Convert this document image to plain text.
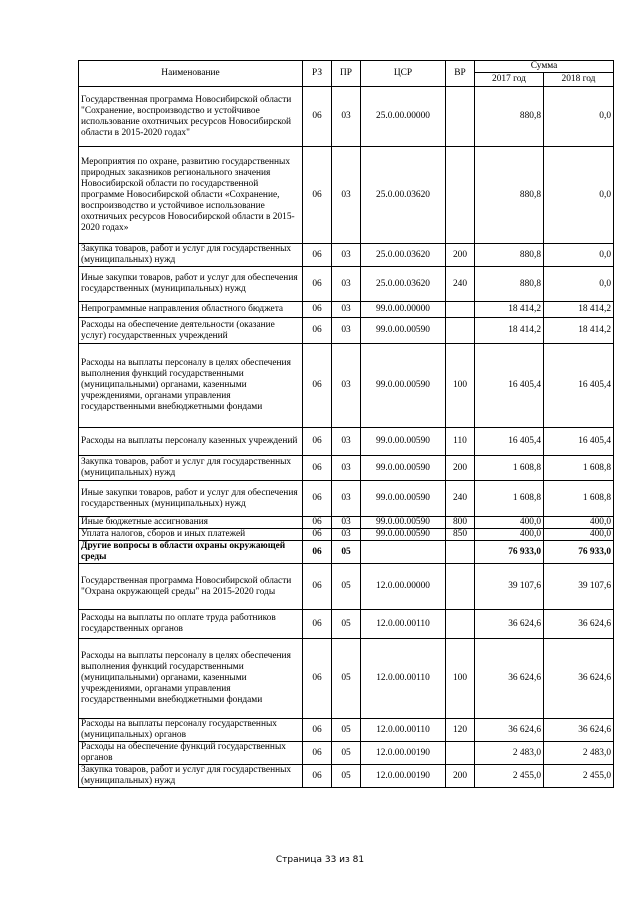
Наименование	РЗ	ПР	ЦСР	ВР	Сумма	
					2017 год	2018 год
Государственная программа Новосибирской области "Сохранение, воспроизводство и устойчивое использование охотничьих ресурсов Новосибирской области в 2015-2020 годах"	06	03	25.0.00.00000		880,8	0,0
Мероприятия по охране, развитию государственных природных заказников регионального значения Новосибирской области по государственной программе Новосибирской области «Сохранение, воспроизводство и устойчивое использование охотничьих ресурсов Новосибирской области в 2015-2020 годах»	06	03	25.0.00.03620		880,8	0,0
Закупка товаров, работ и услуг для государственных (муниципальных) нужд	06	03	25.0.00.03620	200	880,8	0,0
Иные закупки товаров, работ и услуг для обеспечения государственных (муниципальных) нужд	06	03	25.0.00.03620	240	880,8	0,0
Непрограммные направления областного бюджета	06	03	99.0.00.00000		18 414,2	18 414,2
Расходы на обеспечение деятельности (оказание услуг) государственных учреждений	06	03	99.0.00.00590		18 414,2	18 414,2
Расходы на выплаты персоналу в целях обеспечения выполнения функций государственными (муниципальными) органами, казенными учреждениями, органами управления государственными внебюджетными фондами	06	03	99.0.00.00590	100	16 405,4	16 405,4
Расходы на выплаты персоналу казенных учреждений	06	03	99.0.00.00590	110	16 405,4	16 405,4
Закупка товаров, работ и услуг для государственных (муниципальных) нужд	06	03	99.0.00.00590	200	1 608,8	1 608,8
Иные закупки товаров, работ и услуг для обеспечения государственных (муниципальных) нужд	06	03	99.0.00.00590	240	1 608,8	1 608,8
Иные бюджетные ассигнования	06	03	99.0.00.00590	800	400,0	400,0
Уплата налогов, сборов и иных платежей	06	03	99.0.00.00590	850	400,0	400,0
Другие вопросы в области охраны окружающей среды	06	05			76 933,0	76 933,0
Государственная программа Новосибирской области "Охрана окружающей среды" на 2015-2020 годы	06	05	12.0.00.00000		39 107,6	39 107,6
Расходы на выплаты по оплате труда работников государственных органов	06	05	12.0.00.00110		36 624,6	36 624,6
Расходы на выплаты персоналу в целях обеспечения выполнения функций государственными (муниципальными) органами, казенными учреждениями, органами управления государственными внебюджетными фондами	06	05	12.0.00.00110	100	36 624,6	36 624,6
Расходы на выплаты персоналу государственных (муниципальных) органов	06	05	12.0.00.00110	120	36 624,6	36 624,6
Расходы на обеспечение функций государственных органов	06	05	12.0.00.00190		2 483,0	2 483,0
Закупка товаров, работ и услуг для государственных (муниципальных) нужд	06	05	12.0.00.00190	200	2 455,0	2 455,0
Страница 33 из 81
